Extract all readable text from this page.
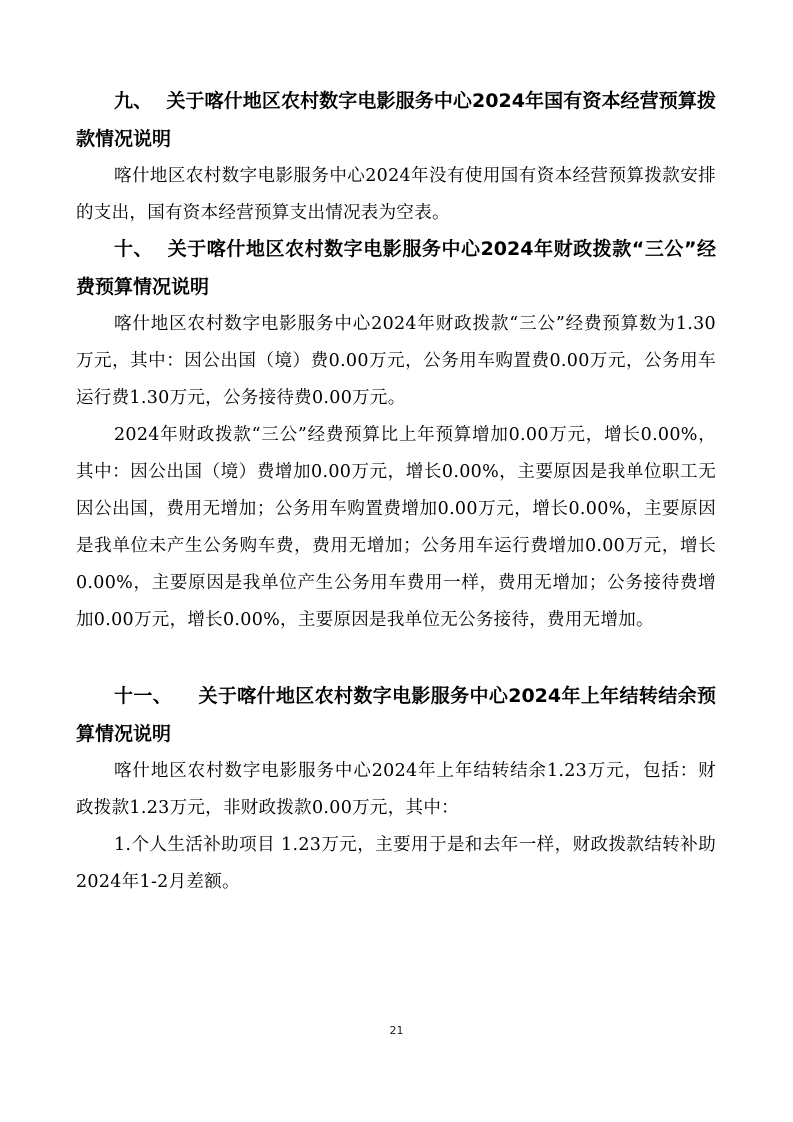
九、 关于喀什地区农村数字电影服务中心2024年国有资本经营预算拨款情况说明

喀什地区农村数字电影服务中心2024年没有使用国有资本经营预算拨款安排的支出，国有资本经营预算支出情况表为空表。

十、 关于喀什地区农村数字电影服务中心2024年财政拨款“三公”经费预算情况说明

喀什地区农村数字电影服务中心2024年财政拨款“三公”经费预算数为1.30万元，其中：因公出国（境）费0.00万元，公务用车购置费0.00万元，公务用车运行费1.30万元，公务接待费0.00万元。

2024年财政拨款“三公”经费预算比上年预算增加0.00万元，增长0.00%，其中：因公出国（境）费增加0.00万元，增长0.00%，主要原因是我单位职工无因公出国，费用无增加；公务用车购置费增加0.00万元，增长0.00%，主要原因是我单位未产生公务购车费，费用无增加；公务用车运行费增加0.00万元，增长0.00%，主要原因是我单位产生公务用车费用一样，费用无增加；公务接待费增加0.00万元，增长0.00%，主要原因是我单位无公务接待，费用无增加。

十一、 关于喀什地区农村数字电影服务中心2024年上年结转结余预算情况说明

喀什地区农村数字电影服务中心2024年上年结转结余1.23万元，包括：财政拨款1.23万元，非财政拨款0.00万元，其中：

1.个人生活补助项目 1.23万元，主要用于是和去年一样，财政拨款结转补助2024年1-2月差额。

21
